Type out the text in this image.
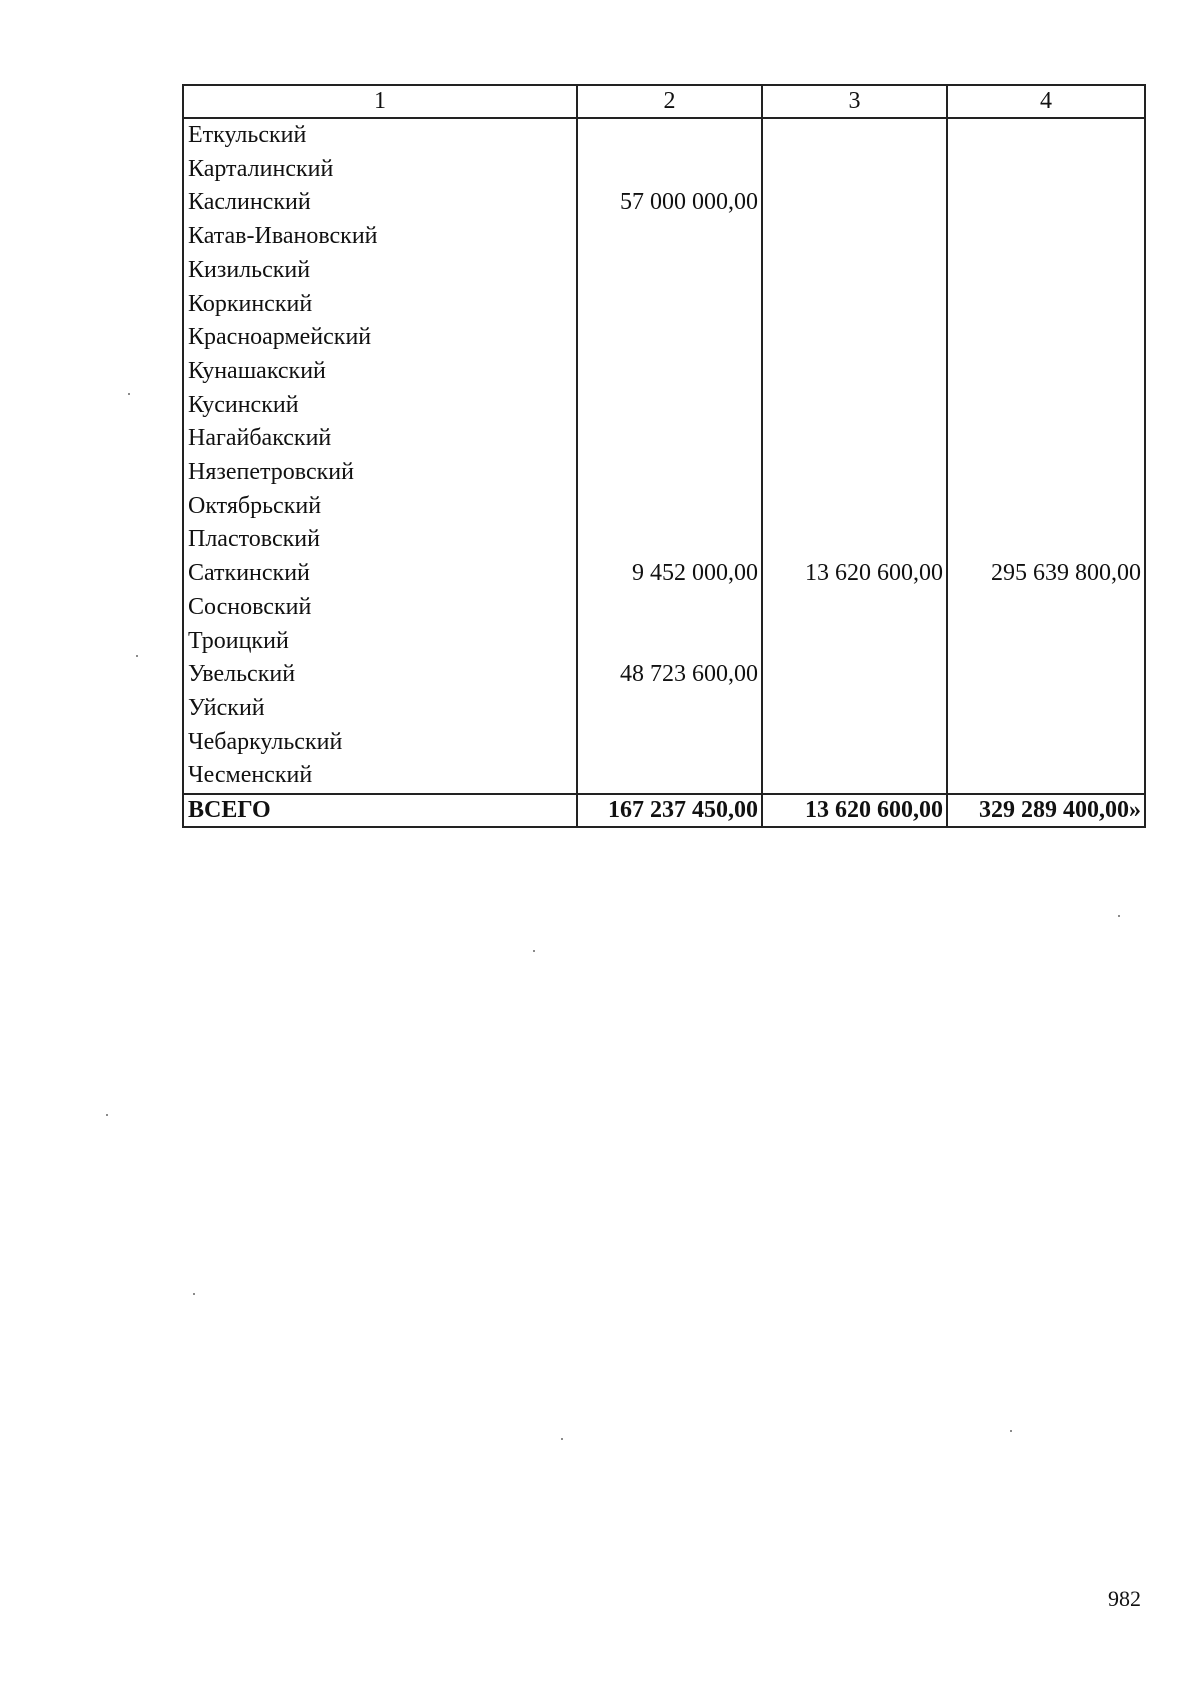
1	2	3	4
Еткульский			
Карталинский			
Каслинский	57 000 000,00		
Катав-Ивановский			
Кизильский			
Коркинский			
Красноармейский			
Кунашакский			
Кусинский			
Нагайбакский			
Нязепетровский			
Октябрьский			
Пластовский			
Саткинский	9 452 000,00	13 620 600,00	295 639 800,00
Сосновский			
Троицкий			
Увельский	48 723 600,00		
Уйский			
Чебаркульский			
Чесменский			
ВСЕГО	167 237 450,00	13 620 600,00	329 289 400,00»
982
